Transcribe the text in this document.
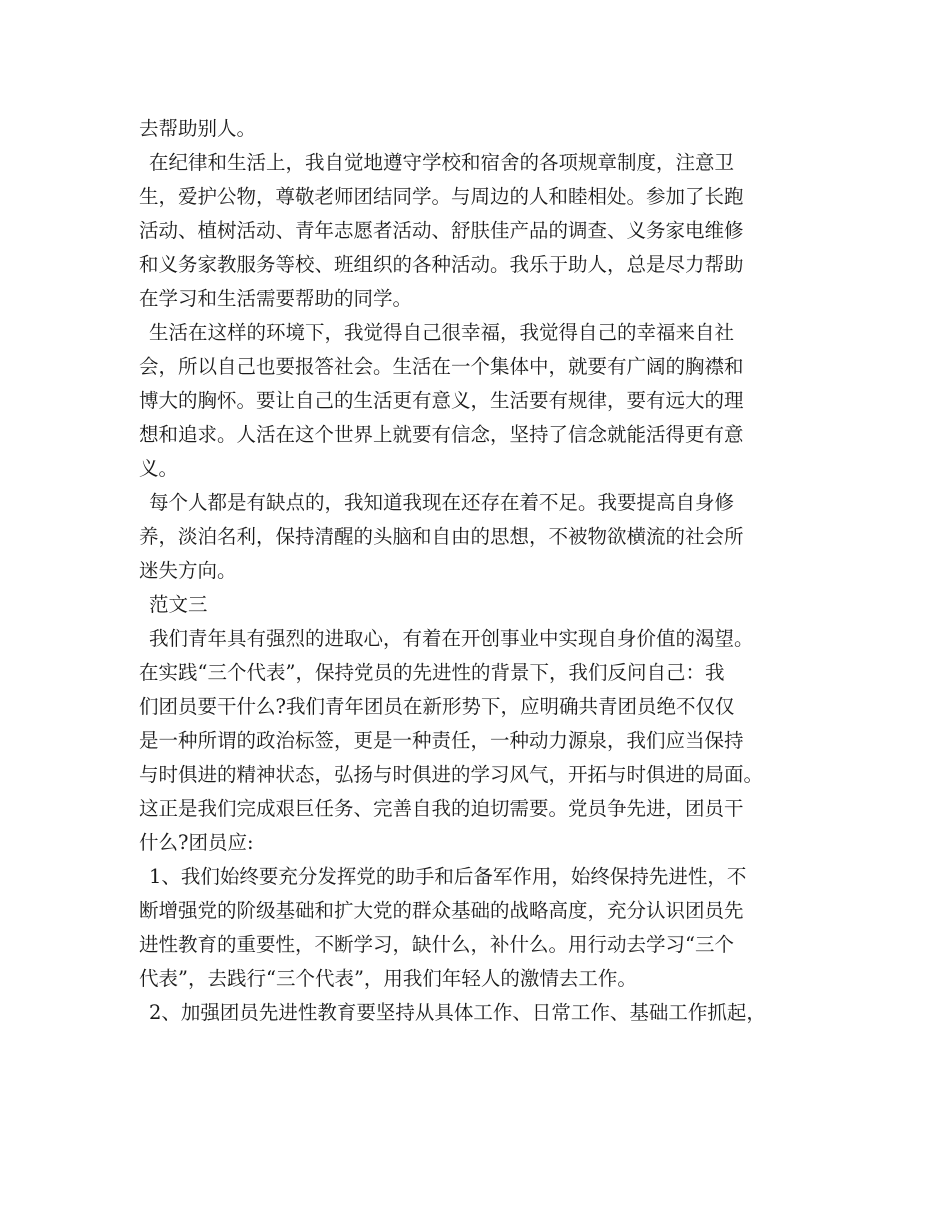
去帮助别人。
在纪律和生活上，我自觉地遵守学校和宿舍的各项规章制度，注意卫
生，爱护公物，尊敬老师团结同学。与周边的人和睦相处。参加了长跑
活动、植树活动、青年志愿者活动、舒肤佳产品的调查、义务家电维修
和义务家教服务等校、班组织的各种活动。我乐于助人，总是尽力帮助
在学习和生活需要帮助的同学。
生活在这样的环境下，我觉得自己很幸福，我觉得自己的幸福来自社
会，所以自己也要报答社会。生活在一个集体中，就要有广阔的胸襟和
博大的胸怀。要让自己的生活更有意义，生活要有规律，要有远大的理
想和追求。人活在这个世界上就要有信念，坚持了信念就能活得更有意
义。
每个人都是有缺点的，我知道我现在还存在着不足。我要提高自身修
养，淡泊名利，保持清醒的头脑和自由的思想，不被物欲横流的社会所
迷失方向。
范文三
我们青年具有强烈的进取心，有着在开创事业中实现自身价值的渴望。
在实践“三个代表”，保持党员的先进性的背景下，我们反问自己：我
们团员要干什么?我们青年团员在新形势下，应明确共青团员绝不仅仅
是一种所谓的政治标签，更是一种责任，一种动力源泉，我们应当保持
与时俱进的精神状态，弘扬与时俱进的学习风气，开拓与时俱进的局面。
这正是我们完成艰巨任务、完善自我的迫切需要。党员争先进，团员干
什么?团员应:
1、我们始终要充分发挥党的助手和后备军作用，始终保持先进性，不
断增强党的阶级基础和扩大党的群众基础的战略高度，充分认识团员先
进性教育的重要性，不断学习，缺什么，补什么。用行动去学习“三个
代表”，去践行“三个代表”，用我们年轻人的激情去工作。
2、加强团员先进性教育要坚持从具体工作、日常工作、基础工作抓起，
